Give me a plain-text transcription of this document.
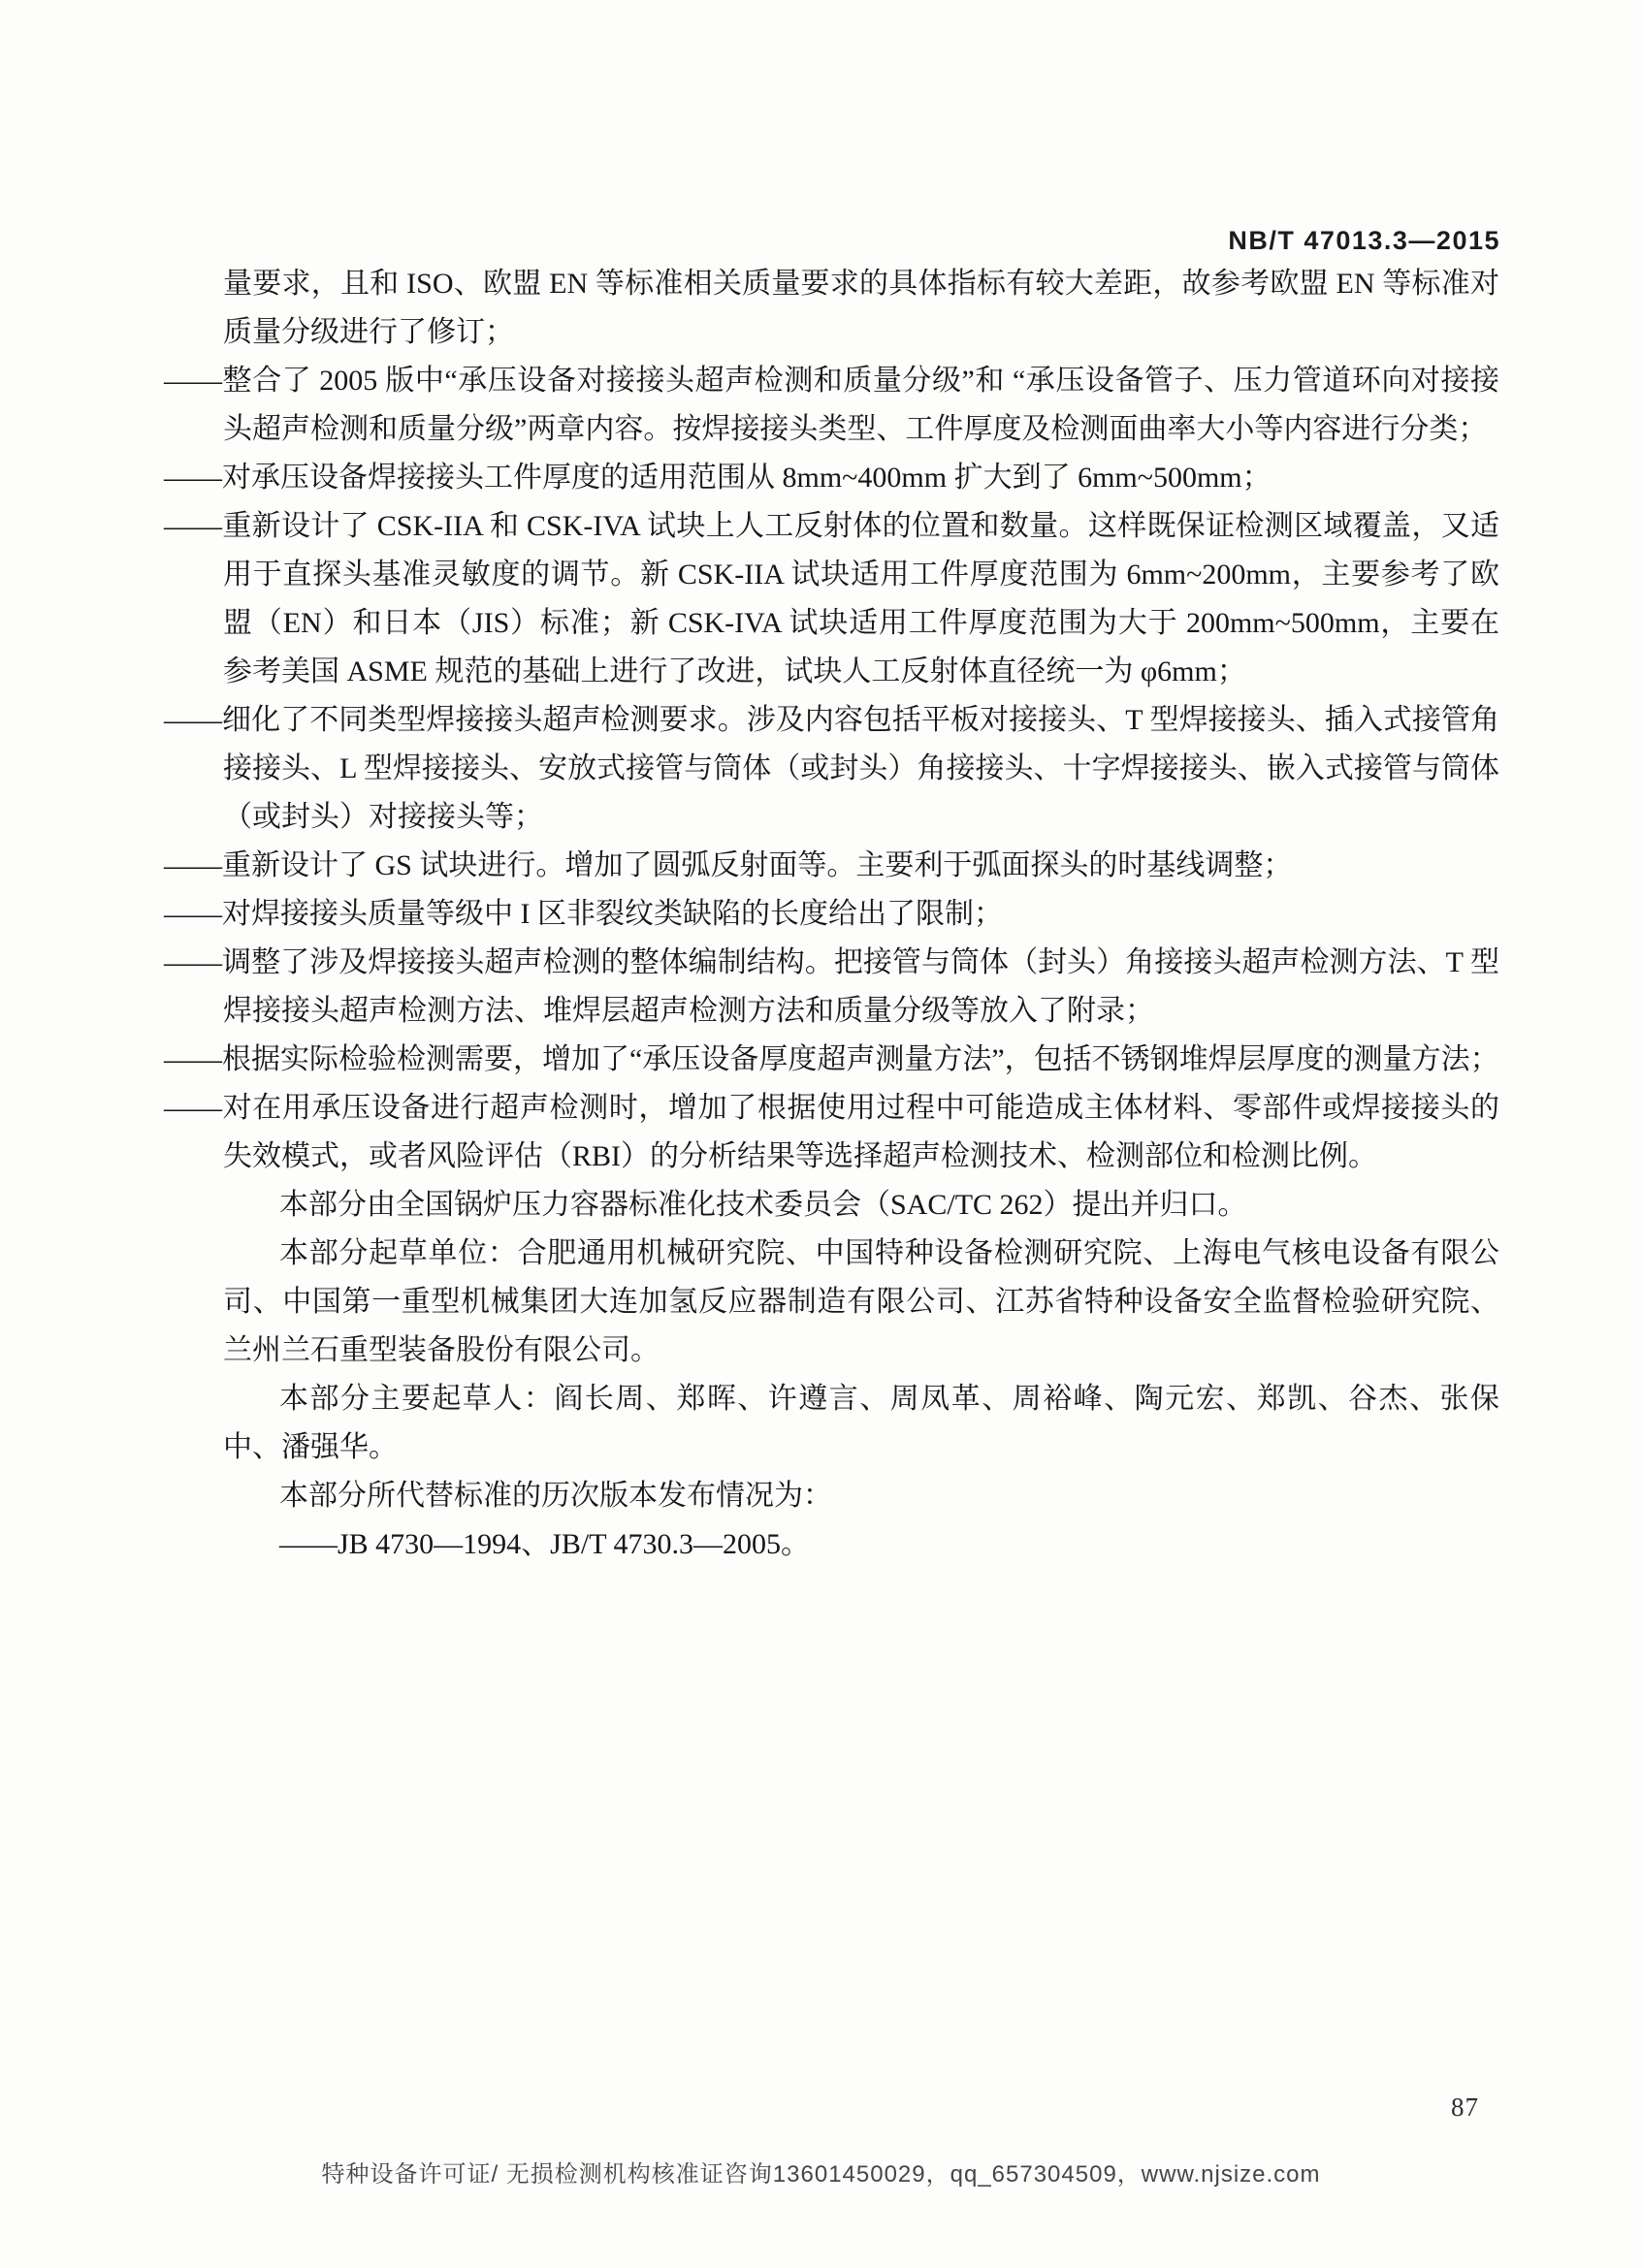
NB/T 47013.3—2015

量要求，且和 ISO、欧盟 EN 等标准相关质量要求的具体指标有较大差距，故参考欧盟 EN 等标准对质量分级进行了修订；

——整合了 2005 版中“承压设备对接接头超声检测和质量分级”和 “承压设备管子、压力管道环向对接接头超声检测和质量分级”两章内容。按焊接接头类型、工件厚度及检测面曲率大小等内容进行分类；

——对承压设备焊接接头工件厚度的适用范围从 8mm~400mm 扩大到了 6mm~500mm；

——重新设计了 CSK-IIA 和 CSK-IVA 试块上人工反射体的位置和数量。这样既保证检测区域覆盖，又适用于直探头基准灵敏度的调节。新 CSK-IIA 试块适用工件厚度范围为 6mm~200mm，主要参考了欧盟（EN）和日本（JIS）标准；新 CSK-IVA 试块适用工件厚度范围为大于 200mm~500mm，主要在参考美国 ASME 规范的基础上进行了改进，试块人工反射体直径统一为 φ6mm；

——细化了不同类型焊接接头超声检测要求。涉及内容包括平板对接接头、T 型焊接接头、插入式接管角接接头、L 型焊接接头、安放式接管与筒体（或封头）角接接头、十字焊接接头、嵌入式接管与筒体（或封头）对接接头等；

——重新设计了 GS 试块进行。增加了圆弧反射面等。主要利于弧面探头的时基线调整；

——对焊接接头质量等级中 I 区非裂纹类缺陷的长度给出了限制；

——调整了涉及焊接接头超声检测的整体编制结构。把接管与筒体（封头）角接接头超声检测方法、T 型焊接接头超声检测方法、堆焊层超声检测方法和质量分级等放入了附录；

——根据实际检验检测需要，增加了“承压设备厚度超声测量方法”，包括不锈钢堆焊层厚度的测量方法；

——对在用承压设备进行超声检测时，增加了根据使用过程中可能造成主体材料、零部件或焊接接头的失效模式，或者风险评估（RBI）的分析结果等选择超声检测技术、检测部位和检测比例。

本部分由全国锅炉压力容器标准化技术委员会（SAC/TC 262）提出并归口。

本部分起草单位：合肥通用机械研究院、中国特种设备检测研究院、上海电气核电设备有限公司、中国第一重型机械集团大连加氢反应器制造有限公司、江苏省特种设备安全监督检验研究院、兰州兰石重型装备股份有限公司。

本部分主要起草人：阎长周、郑晖、许遵言、周凤革、周裕峰、陶元宏、郑凯、谷杰、张保中、潘强华。

本部分所代替标准的历次版本发布情况为：

——JB 4730—1994、JB/T 4730.3—2005。

87
特种设备许可证/ 无损检测机构核准证咨询13601450029，qq_657304509，www.njsize.com
